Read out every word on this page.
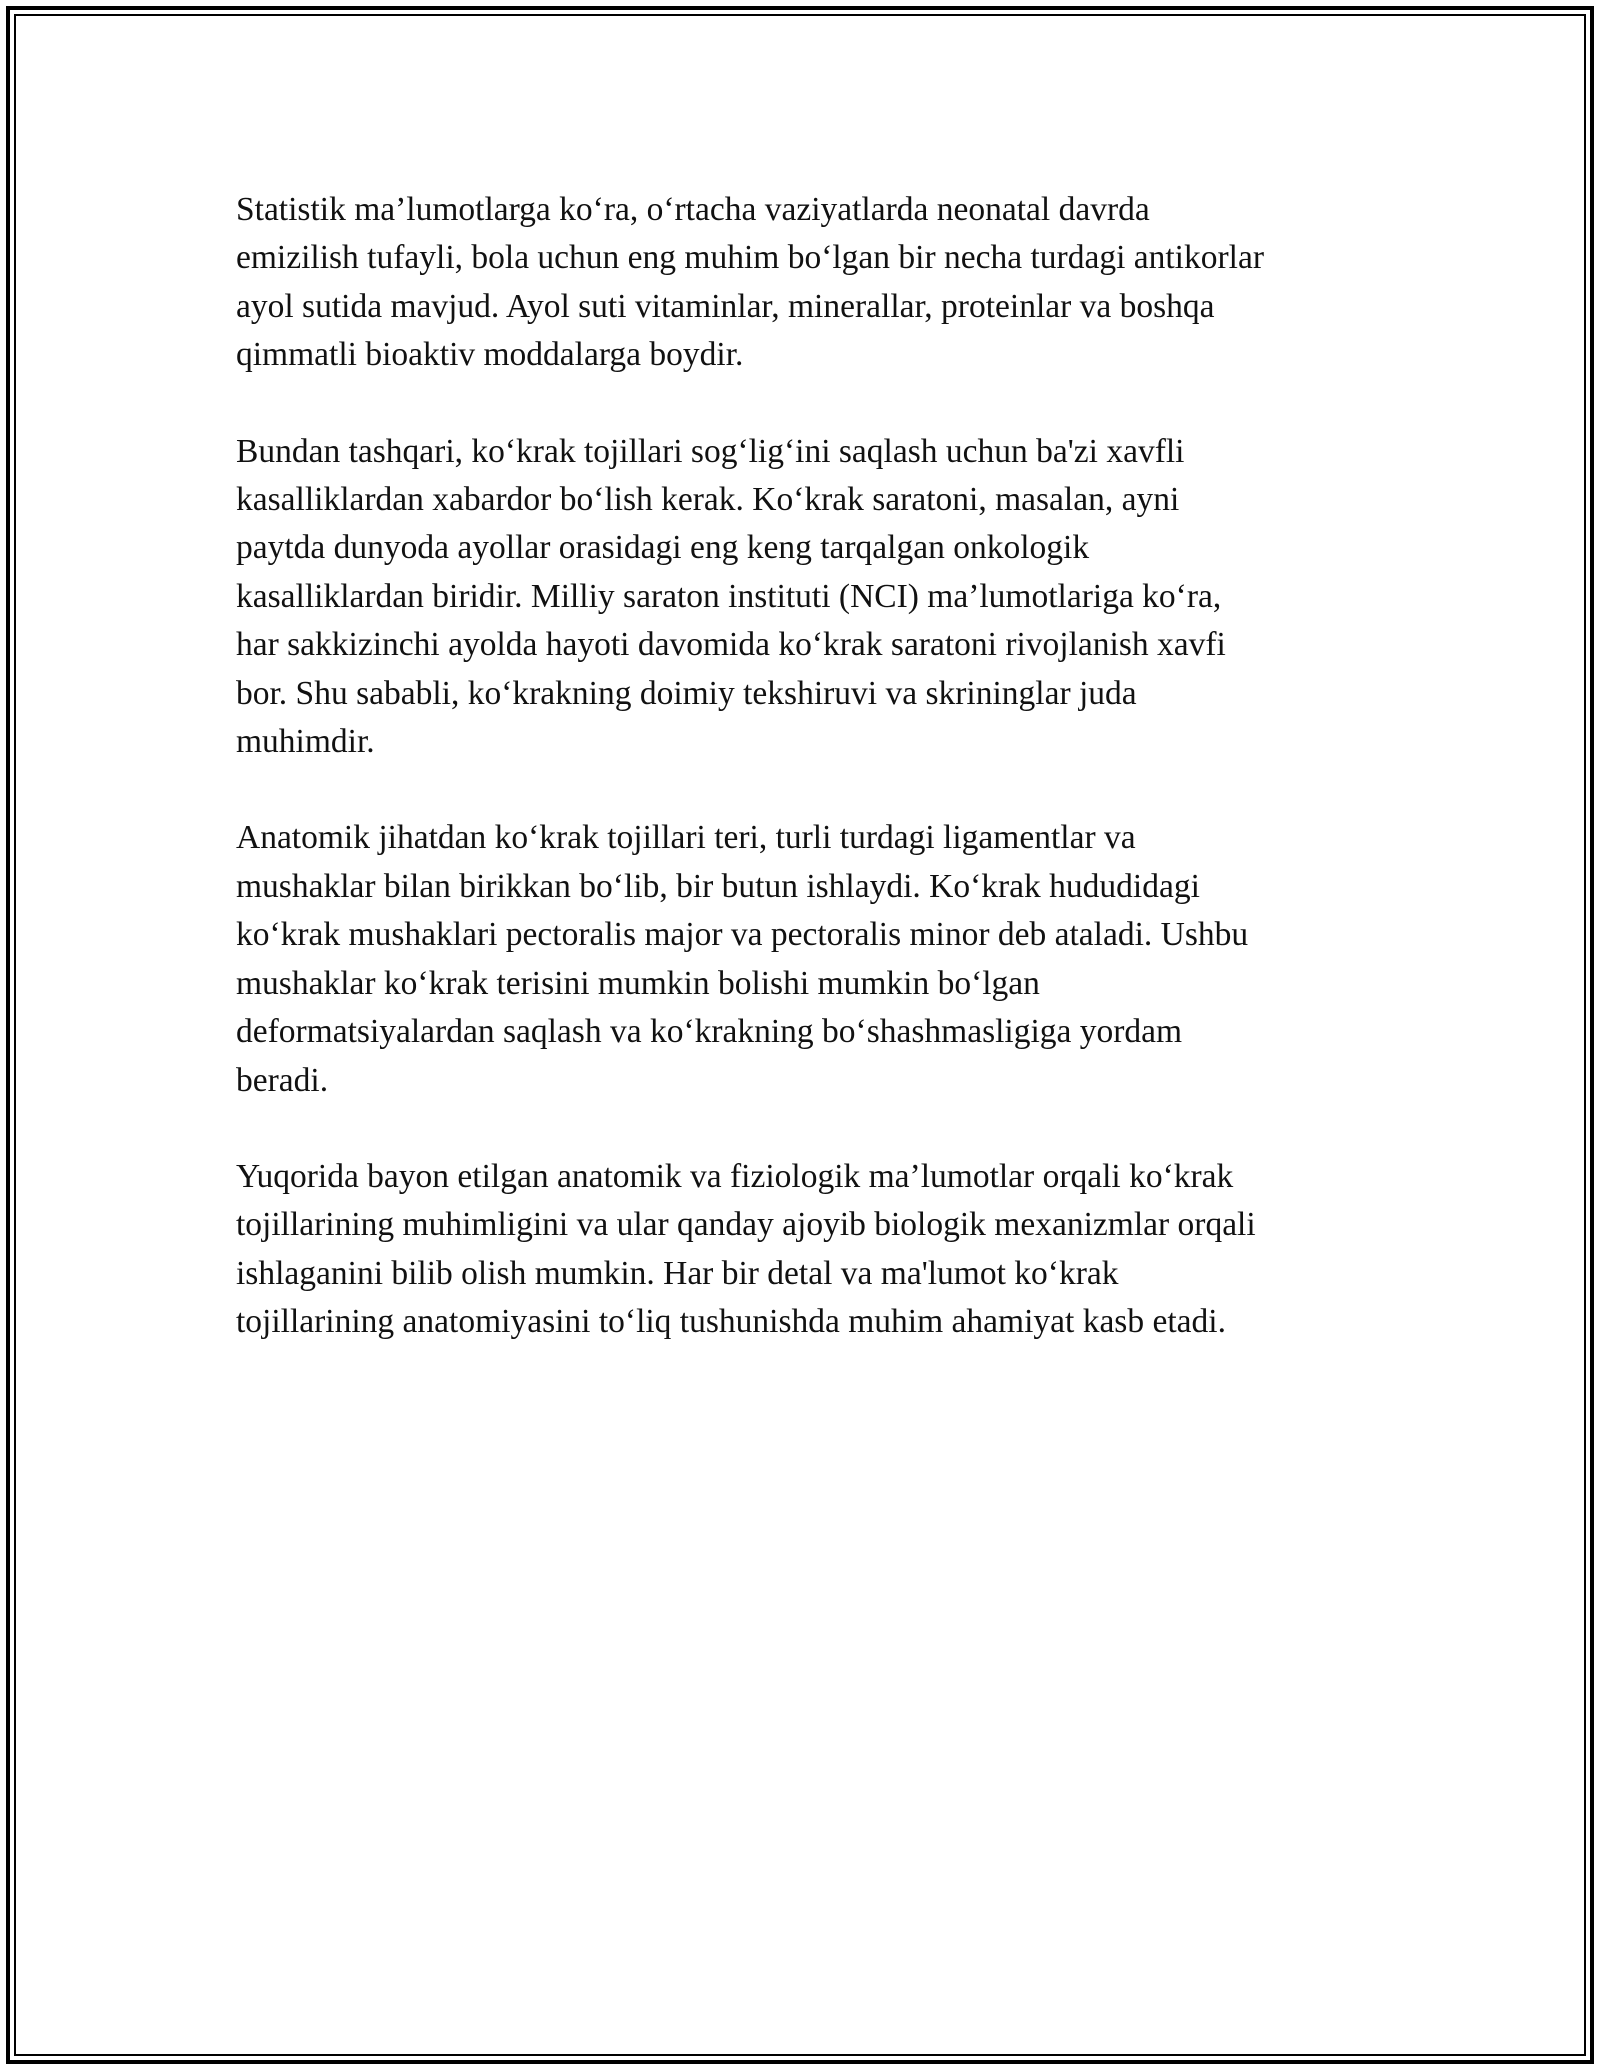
Statistik ma’lumotlarga ko‘ra, o‘rtacha vaziyatlarda neonatal davrda
emizilish tufayli, bola uchun eng muhim bo‘lgan bir necha turdagi antikorlar
ayol sutida mavjud. Ayol suti vitaminlar, minerallar, proteinlar va boshqa
qimmatli bioaktiv moddalarga boydir.

Bundan tashqari, ko‘krak tojillari sog‘lig‘ini saqlash uchun ba'zi xavfli
kasalliklardan xabardor bo‘lish kerak. Ko‘krak saratoni, masalan, ayni
paytda dunyoda ayollar orasidagi eng keng tarqalgan onkologik
kasalliklardan biridir. Milliy saraton instituti (NCI) ma’lumotlariga ko‘ra,
har sakkizinchi ayolda hayoti davomida ko‘krak saratoni rivojlanish xavfi
bor. Shu sababli, ko‘krakning doimiy tekshiruvi va skrininglar juda
muhimdir.

Anatomik jihatdan ko‘krak tojillari teri, turli turdagi ligamentlar va
mushaklar bilan birikkan bo‘lib, bir butun ishlaydi. Ko‘krak hududidagi
ko‘krak mushaklari pectoralis major va pectoralis minor deb ataladi. Ushbu
mushaklar ko‘krak terisini mumkin bolishi mumkin bo‘lgan
deformatsiyalardan saqlash va ko‘krakning bo‘shashmasligiga yordam
beradi.

Yuqorida bayon etilgan anatomik va fiziologik ma’lumotlar orqali ko‘krak
tojillarining muhimligini va ular qanday ajoyib biologik mexanizmlar orqali
ishlaganini bilib olish mumkin. Har bir detal va ma'lumot ko‘krak
tojillarining anatomiyasini to‘liq tushunishda muhim ahamiyat kasb etadi.
